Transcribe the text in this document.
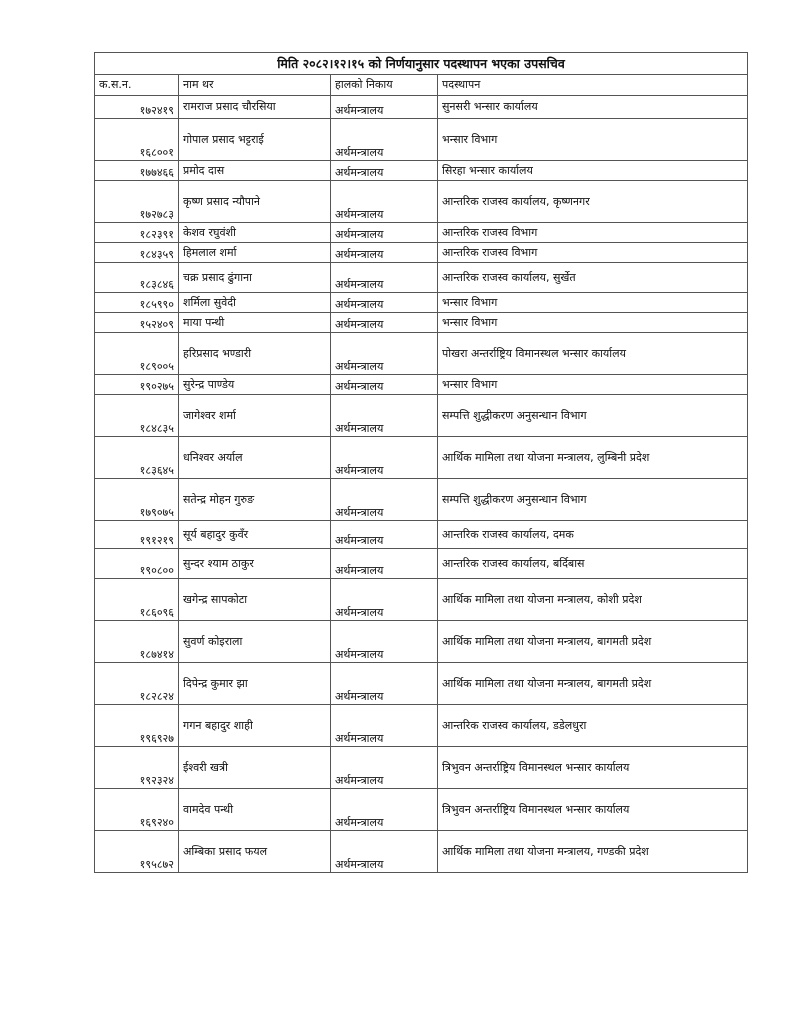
मिति २०८२।१२।१५ को निर्णयानुसार पदस्थापन भएका उपसचिव			
क.स.न.	नाम थर	हालको निकाय	पदस्थापन
१७२४१९	रामराज प्रसाद चौरसिया	अर्थमन्त्रालय	सुनसरी भन्सार कार्यालय
१६८००१	गोपाल प्रसाद भट्टराई	अर्थमन्त्रालय	भन्सार विभाग
१७७४६६	प्रमोद दास	अर्थमन्त्रालय	सिरहा भन्सार कार्यालय
१७२७८३	कृष्ण प्रसाद न्यौपाने	अर्थमन्त्रालय	आन्तरिक राजस्व कार्यालय, कृष्णनगर
१८२३९१	केशव रघुवंशी	अर्थमन्त्रालय	आन्तरिक राजस्व विभाग
१८४३५९	हिमलाल शर्मा	अर्थमन्त्रालय	आन्तरिक राजस्व विभाग
१८३८४६	चक्र प्रसाद ढुंगाना	अर्थमन्त्रालय	आन्तरिक राजस्व कार्यालय, सुर्खेत
१८५९९०	शर्मिला सुवेदी	अर्थमन्त्रालय	भन्सार विभाग
१५२४०९	माया पन्थी	अर्थमन्त्रालय	भन्सार विभाग
१८९००५	हरिप्रसाद भण्डारी	अर्थमन्त्रालय	पोखरा अन्तर्राष्ट्रिय विमानस्थल भन्सार कार्यालय
१९०२७५	सुरेन्द्र पाण्डेय	अर्थमन्त्रालय	भन्सार विभाग
१८४८३५	जागेश्वर शर्मा	अर्थमन्त्रालय	सम्पत्ति शुद्धीकरण अनुसन्धान विभाग
१८३६४५	धनिश्वर अर्याल	अर्थमन्त्रालय	आर्थिक मामिला तथा योजना मन्त्रालय, लुम्बिनी प्रदेश
१७९०७५	सतेन्द्र मोहन गुरुङ	अर्थमन्त्रालय	सम्पत्ति शुद्धीकरण अनुसन्धान विभाग
१९१२१९	सूर्य बहादुर कुवँर	अर्थमन्त्रालय	आन्तरिक राजस्व कार्यालय, दमक
१९०८००	सुन्दर श्याम ठाकुर	अर्थमन्त्रालय	आन्तरिक राजस्व कार्यालय, बर्दिबास
१८६०९६	खगेन्द्र सापकोटा	अर्थमन्त्रालय	आर्थिक मामिला तथा योजना मन्त्रालय, कोशी प्रदेश
१८७४१४	सुवर्ण कोइराला	अर्थमन्त्रालय	आर्थिक मामिला तथा योजना मन्त्रालय, बागमती प्रदेश
१८२८२४	दिपेन्द्र कुमार झा	अर्थमन्त्रालय	आर्थिक मामिला तथा योजना मन्त्रालय, बागमती प्रदेश
१९६९२७	गगन बहादुर शाही	अर्थमन्त्रालय	आन्तरिक राजस्व कार्यालय, डडेलधुरा
१९२३२४	ईश्वरी खत्री	अर्थमन्त्रालय	त्रिभुवन अन्तर्राष्ट्रिय विमानस्थल भन्सार कार्यालय
१६९२४०	वामदेव पन्थी	अर्थमन्त्रालय	त्रिभुवन अन्तर्राष्ट्रिय विमानस्थल भन्सार कार्यालय
१९५८७२	अम्बिका प्रसाद फयल	अर्थमन्त्रालय	आर्थिक मामिला तथा योजना मन्त्रालय, गण्डकी प्रदेश
